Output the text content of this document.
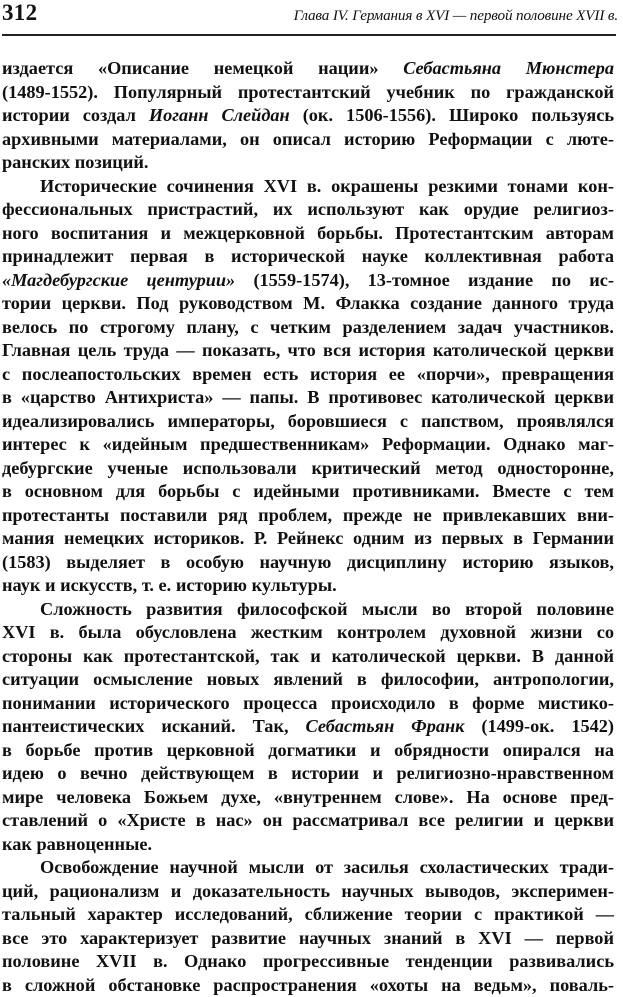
312	Глава IV. Германия в XVI — первой половине XVII в.
издается «Описание немецкой нации» Себастьяна Мюнстера
(1489-1552). Популярный протестантский учебник по гражданской
истории создал Иоганн Слейдан (ок. 1506-1556). Широко пользуясь
архивными материалами, он описал историю Реформации с люте-
ранских позиций.
Исторические сочинения XVI в. окрашены резкими тонами кон-
фессиональных пристрастий, их используют как орудие религиоз-
ного воспитания и межцерковной борьбы. Протестантским авторам
принадлежит первая в исторической науке коллективная работа
«Магдебургские центурии» (1559-1574), 13-томное издание по ис-
тории церкви. Под руководством М. Флакка создание данного труда
велось по строгому плану, с четким разделением задач участников.
Главная цель труда — показать, что вся история католической церкви
с послеапостольских времен есть история ее «порчи», превращения
в «царство Антихриста» — папы. В противовес католической церкви
идеализировались императоры, боровшиеся с папством, проявлялся
интерес к «идейным предшественникам» Реформации. Однако маг-
дебургские ученые использовали критический метод односторонне,
в основном для борьбы с идейными противниками. Вместе с тем
протестанты поставили ряд проблем, прежде не привлекавших вни-
мания немецких историков. Р. Рейнекс одним из первых в Германии
(1583) выделяет в особую научную дисциплину историю языков,
наук и искусств, т. е. историю культуры.
Сложность развития философской мысли во второй половине
XVI в. была обусловлена жестким контролем духовной жизни со
стороны как протестантской, так и католической церкви. В данной
ситуации осмысление новых явлений в философии, антропологии,
понимании исторического процесса происходило в форме мистико-
пантеистических исканий. Так, Себастьян Франк (1499-ок. 1542)
в борьбе против церковной догматики и обрядности опирался на
идею о вечно действующем в истории и религиозно-нравственном
мире человека Божьем духе, «внутреннем слове». На основе пред-
ставлений о «Христе в нас» он рассматривал все религии и церкви
как равноценные.
Освобождение научной мысли от засилья схоластических тради-
ций, рационализм и доказательность научных выводов, эксперимен-
тальный характер исследований, сближение теории с практикой —
все это характеризует развитие научных знаний в XVI — первой
половине XVII в. Однако прогрессивные тенденции развивались
в сложной обстановке распространения «охоты на ведьм», поваль-
